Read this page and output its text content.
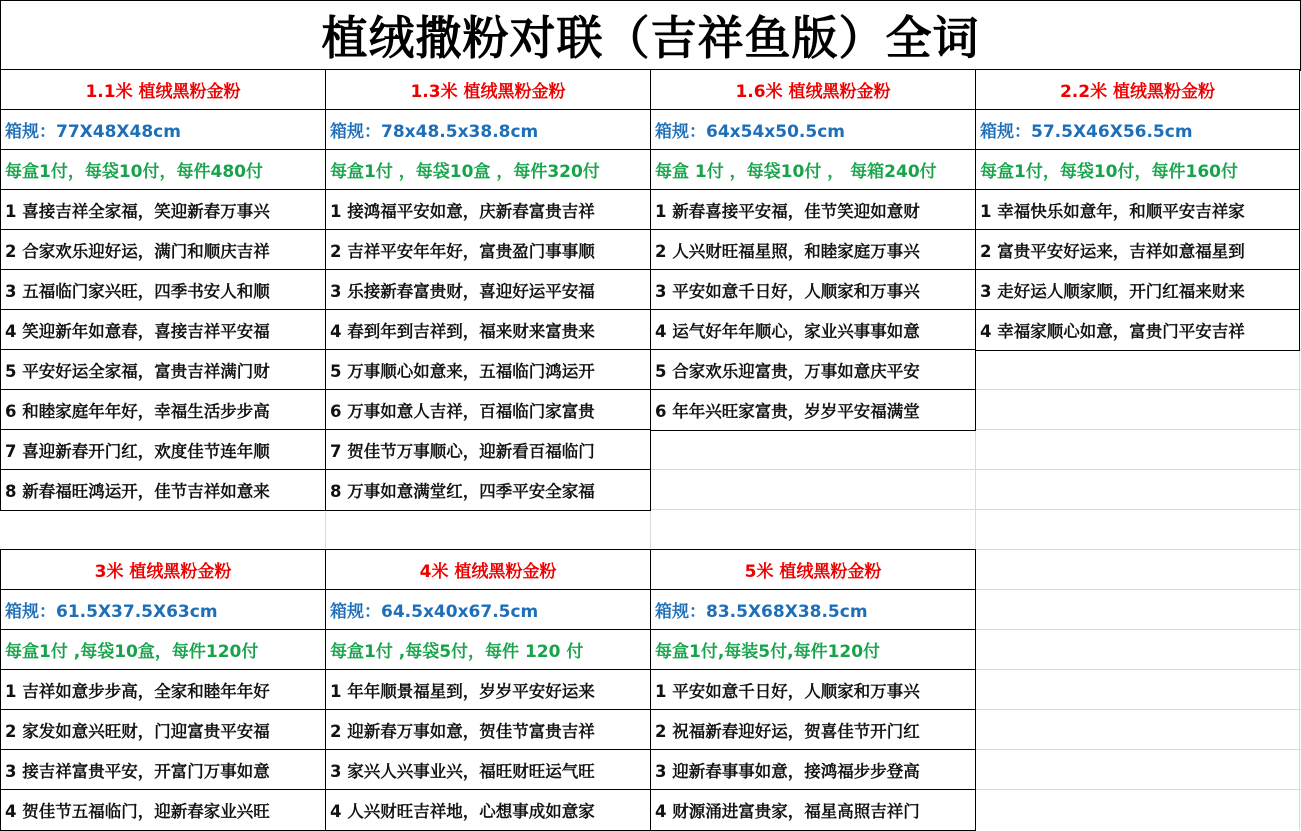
植绒撒粉对联（吉祥鱼版）全词
1.1米 植绒黑粉金粉
箱规：77X48X48cm
每盒1付，每袋10付，每件480付
1 喜接吉祥全家福，笑迎新春万事兴
2 合家欢乐迎好运，满门和顺庆吉祥
3 五福临门家兴旺，四季书安人和顺
4 笑迎新年如意春，喜接吉祥平安福
5 平安好运全家福，富贵吉祥满门财
6 和睦家庭年年好，幸福生活步步高
7 喜迎新春开门红，欢度佳节连年顺
8 新春福旺鸿运开，佳节吉祥如意来
1.3米 植绒黑粉金粉
箱规：78x48.5x38.8cm
每盒1付 ，每袋10盒 ，每件320付
1 接鸿福平安如意，庆新春富贵吉祥
2 吉祥平安年年好，富贵盈门事事顺
3 乐接新春富贵财，喜迎好运平安福
4 春到年到吉祥到，福来财来富贵来
5 万事顺心如意来，五福临门鸿运开
6 万事如意人吉祥，百福临门家富贵
7 贺佳节万事顺心，迎新看百福临门
8 万事如意满堂红，四季平安全家福
1.6米 植绒黑粉金粉
箱规：64x54x50.5cm
每盒 1付 ，每袋10付 ， 每箱240付
1 新春喜接平安福，佳节笑迎如意财
2 人兴财旺福星照，和睦家庭万事兴
3 平安如意千日好，人顺家和万事兴
4 运气好年年顺心，家业兴事事如意
5 合家欢乐迎富贵，万事如意庆平安
6 年年兴旺家富贵，岁岁平安福满堂
2.2米 植绒黑粉金粉
箱规：57.5X46X56.5cm
每盒1付，每袋10付，每件160付
1 幸福快乐如意年，和顺平安吉祥家
2 富贵平安好运来，吉祥如意福星到
3 走好运人顺家顺，开门红福来财来
4 幸福家顺心如意，富贵门平安吉祥
3米 植绒黑粉金粉
箱规：61.5X37.5X63cm
每盒1付 ,每袋10盒，每件120付
1 吉祥如意步步高，全家和睦年年好
2 家发如意兴旺财，门迎富贵平安福
3 接吉祥富贵平安，开富门万事如意
4 贺佳节五福临门，迎新春家业兴旺
4米 植绒黑粉金粉
箱规：64.5x40x67.5cm
每盒1付 ,每袋5付，每件 120 付
1 年年顺景福星到，岁岁平安好运来
2 迎新春万事如意，贺佳节富贵吉祥
3 家兴人兴事业兴，福旺财旺运气旺
4 人兴财旺吉祥地，心想事成如意家
5米 植绒黑粉金粉
箱规：83.5X68X38.5cm
每盒1付,每装5付,每件120付
1 平安如意千日好，人顺家和万事兴
2 祝福新春迎好运，贺喜佳节开门红
3 迎新春事事如意，接鸿福步步登高
4 财源涌进富贵家，福星高照吉祥门
